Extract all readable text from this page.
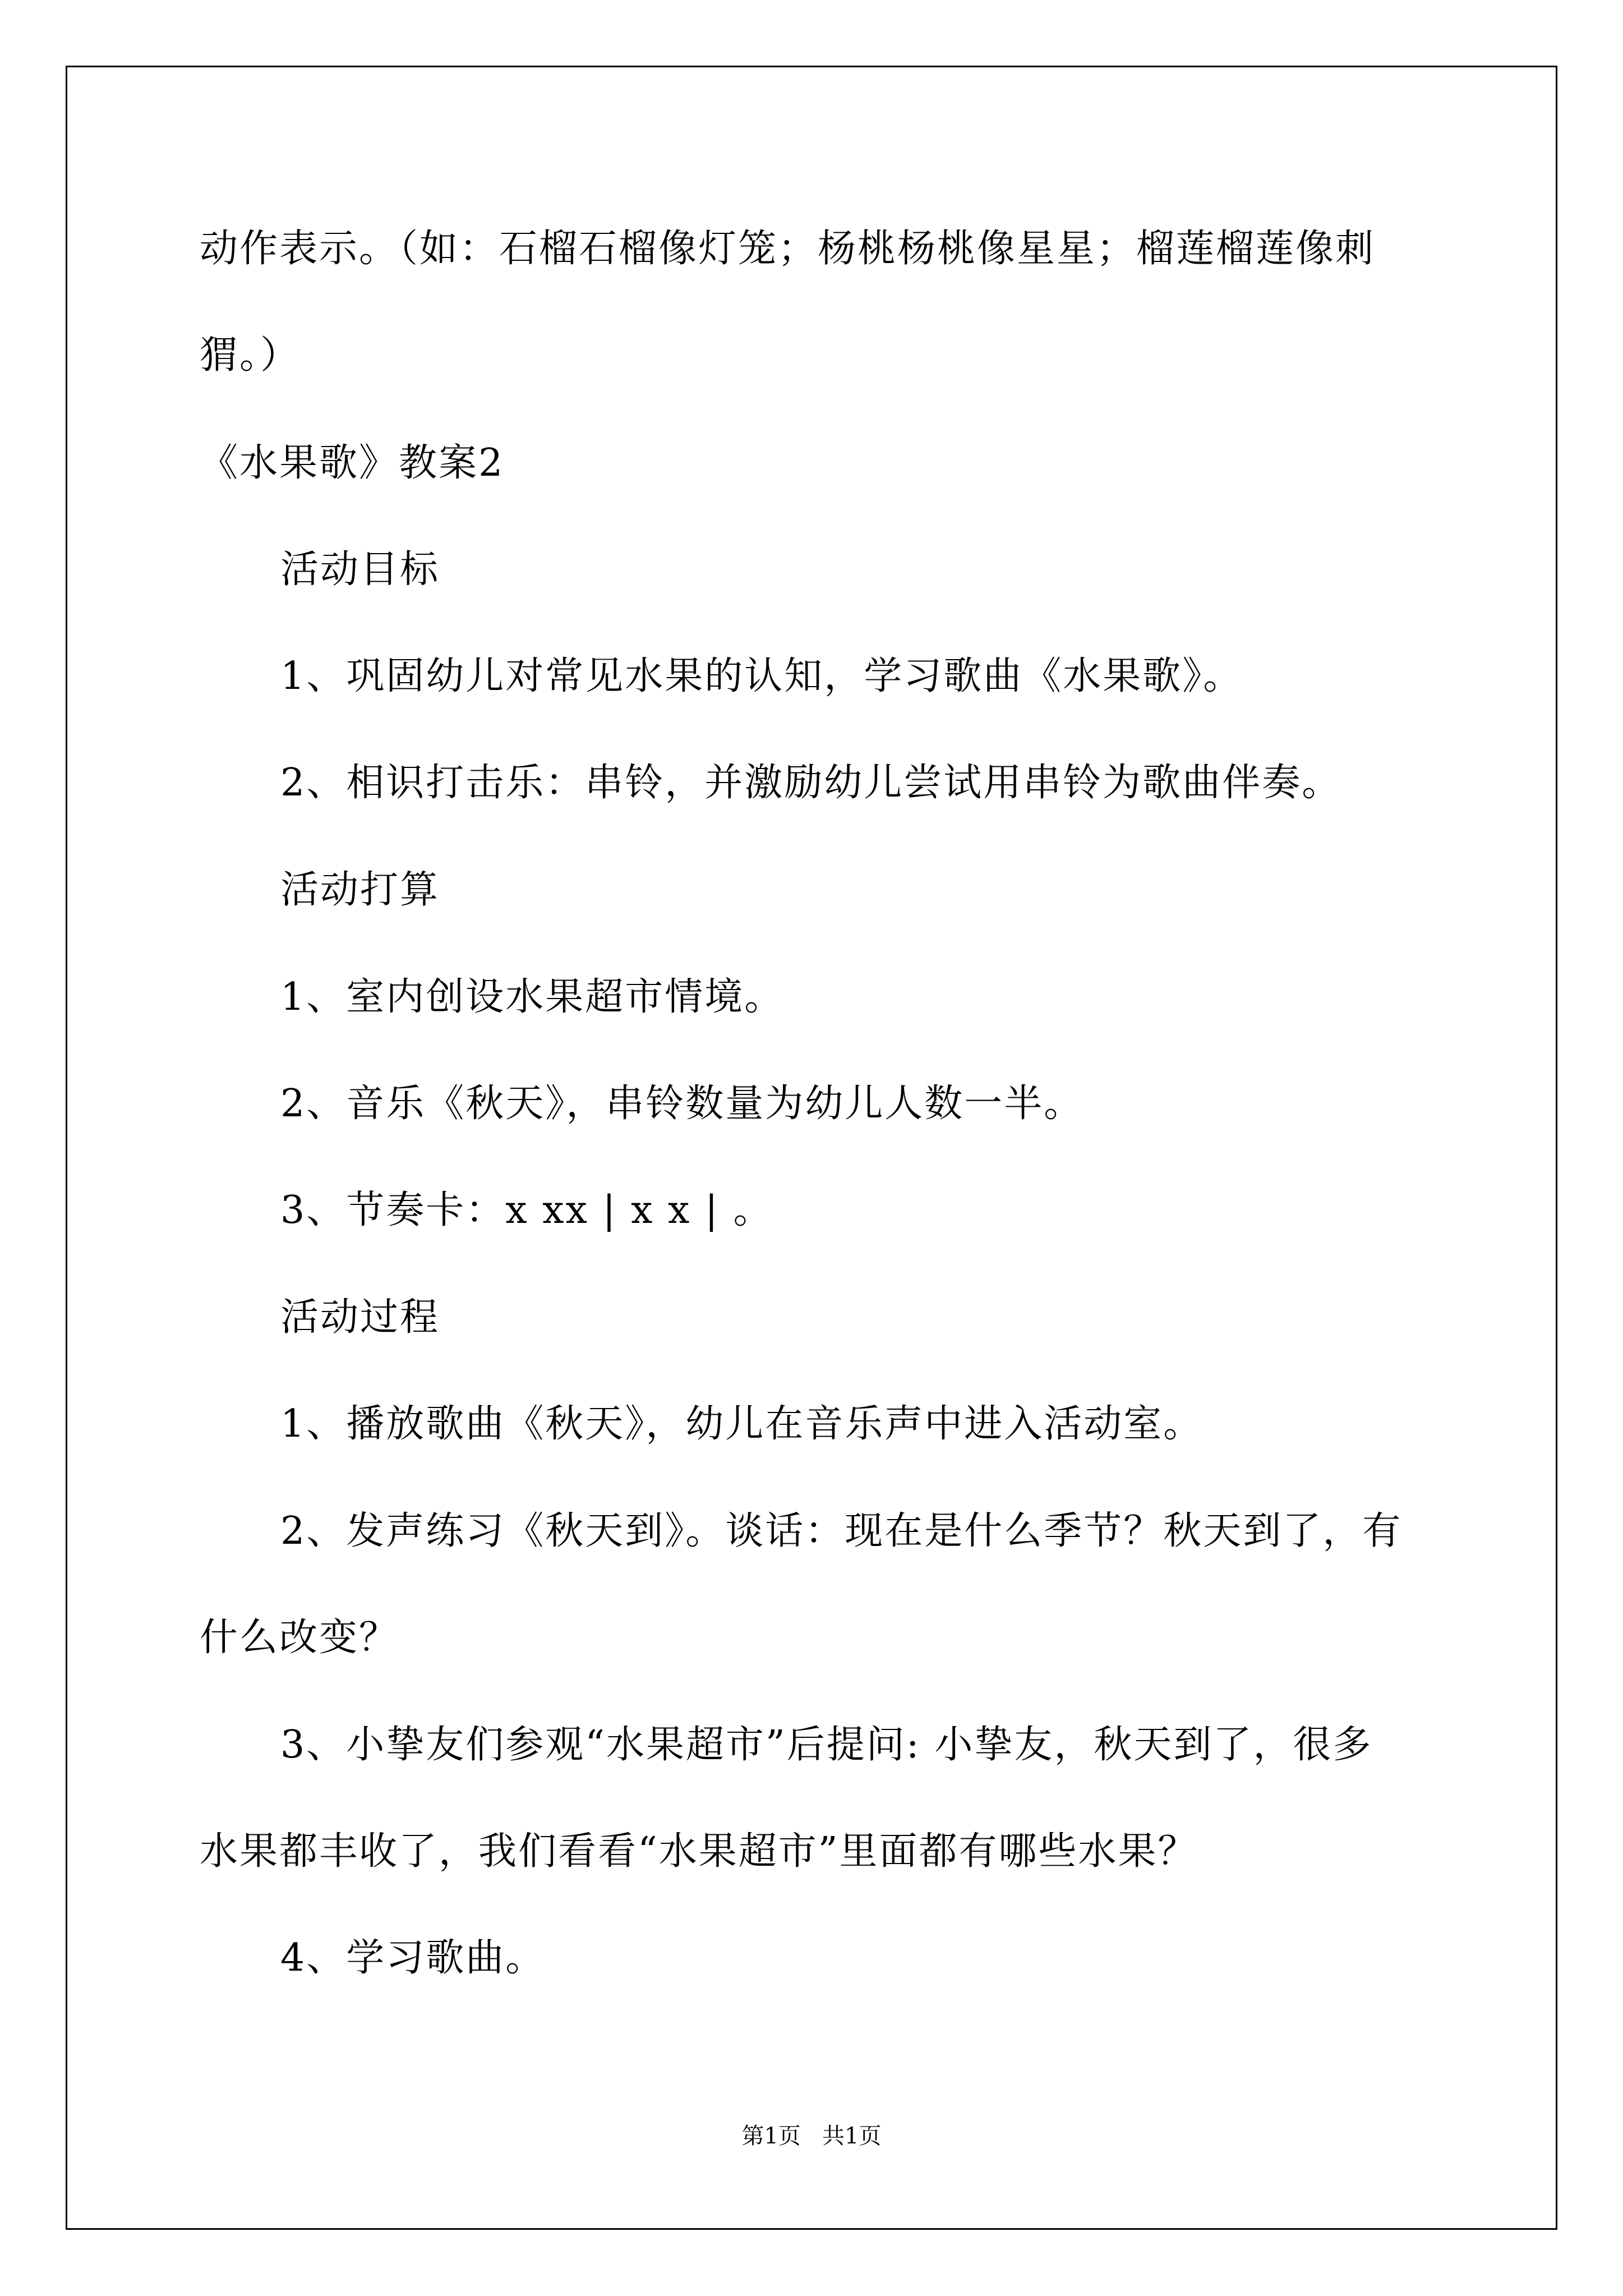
动作表示。（如：石榴石榴像灯笼；杨桃杨桃像星星；榴莲榴莲像刺
猬。）
《水果歌》教案2
活动目标
1、巩固幼儿对常见水果的认知，学习歌曲《水果歌》。
2、相识打击乐：串铃，并激励幼儿尝试用串铃为歌曲伴奏。
活动打算
1、室内创设水果超市情境。
2、音乐《秋天》，串铃数量为幼儿人数一半。
3、节奏卡：x xx | x x | 。
活动过程
1、播放歌曲《秋天》，幼儿在音乐声中进入活动室。
2、发声练习《秋天到》。谈话：现在是什么季节？秋天到了，有
什么改变？
3、小挚友们参观“水果超市”后提问: 小挚友，秋天到了，很多
水果都丰收了，我们看看“水果超市”里面都有哪些水果？
4、学习歌曲。
第1页   共1页
